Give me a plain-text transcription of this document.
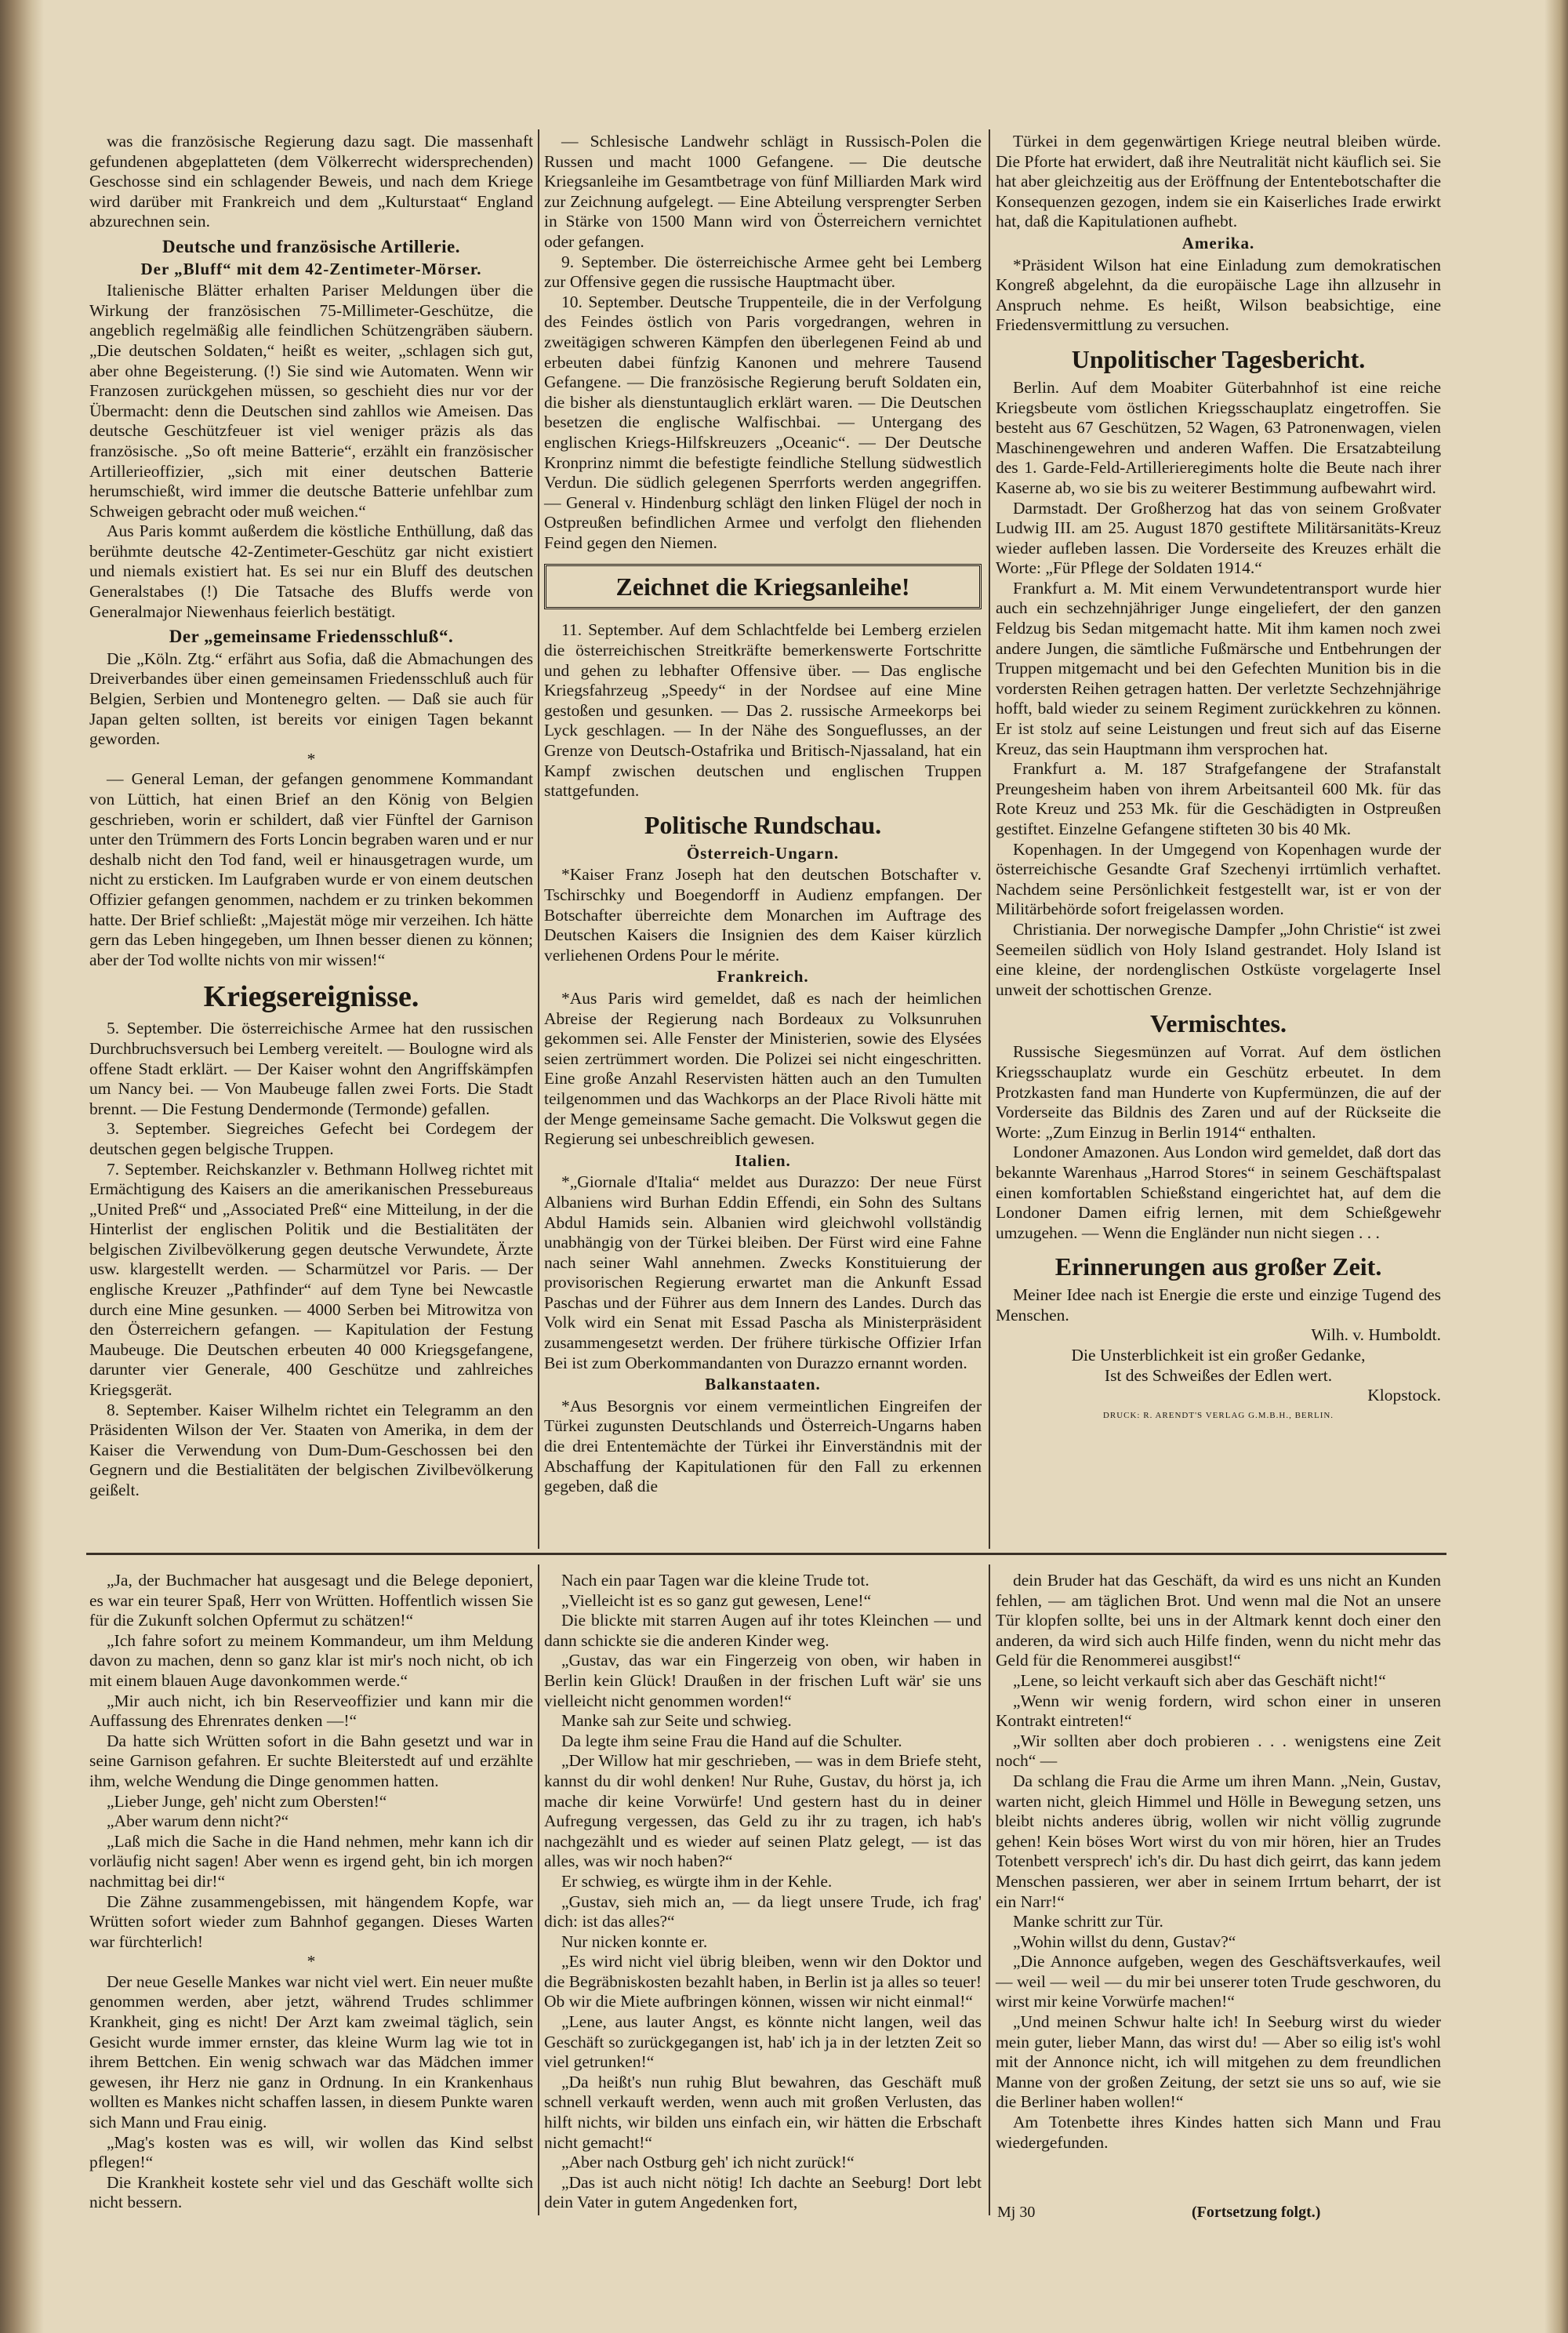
was die französische Regierung dazu sagt. Die massenhaft gefundenen abgeplatteten (dem Völkerrecht widersprechenden) Geschosse sind ein schlagender Beweis, und nach dem Kriege wird darüber mit Frankreich und dem „Kulturstaat“ England abzurechnen sein.

Deutsche und französische Artillerie.

Der „Bluff“ mit dem 42-Zentimeter-Mörser.

Italienische Blätter erhalten Pariser Meldungen über die Wirkung der französischen 75-Millimeter-Geschütze, die angeblich regelmäßig alle feindlichen Schützengräben säubern. „Die deutschen Soldaten,“ heißt es weiter, „schlagen sich gut, aber ohne Begeisterung. (!) Sie sind wie Automaten. Wenn wir Franzosen zurückgehen müssen, so geschieht dies nur vor der Übermacht: denn die Deutschen sind zahllos wie Ameisen. Das deutsche Geschützfeuer ist viel weniger präzis als das französische. „So oft meine Batterie“, erzählt ein französischer Artillerieoffizier, „sich mit einer deutschen Batterie herumschießt, wird immer die deutsche Batterie unfehlbar zum Schweigen gebracht oder muß weichen.“

Aus Paris kommt außerdem die köstliche Enthüllung, daß das berühmte deutsche 42-Zentimeter-Geschütz gar nicht existiert und niemals existiert hat. Es sei nur ein Bluff des deutschen Generalstabes (!) Die Tatsache des Bluffs werde von Generalmajor Niewenhaus feierlich bestätigt.

Der „gemeinsame Friedensschluß“.

Die „Köln. Ztg.“ erfährt aus Sofia, daß die Abmachungen des Dreiverbandes über einen gemeinsamen Friedensschluß auch für Belgien, Serbien und Montenegro gelten. — Daß sie auch für Japan gelten sollten, ist bereits vor einigen Tagen bekannt geworden.

*

— General Leman, der gefangen genommene Kommandant von Lüttich, hat einen Brief an den König von Belgien geschrieben, worin er schildert, daß vier Fünftel der Garnison unter den Trümmern des Forts Loncin begraben waren und er nur deshalb nicht den Tod fand, weil er hinausgetragen wurde, um nicht zu ersticken. Im Laufgraben wurde er von einem deutschen Offizier gefangen genommen, nachdem er zu trinken bekommen hatte. Der Brief schließt: „Majestät möge mir verzeihen. Ich hätte gern das Leben hingegeben, um Ihnen besser dienen zu können; aber der Tod wollte nichts von mir wissen!“

Kriegsereignisse.

5. September. Die österreichische Armee hat den russischen Durchbruchsversuch bei Lemberg vereitelt. — Boulogne wird als offene Stadt erklärt. — Der Kaiser wohnt den Angriffskämpfen um Nancy bei. — Von Maubeuge fallen zwei Forts. Die Stadt brennt. — Die Festung Dendermonde (Termonde) gefallen.

3. September. Siegreiches Gefecht bei Cordegem der deutschen gegen belgische Truppen.

7. September. Reichskanzler v. Bethmann Hollweg richtet mit Ermächtigung des Kaisers an die amerikanischen Pressebureaus „United Preß“ und „Associated Preß“ eine Mitteilung, in der die Hinterlist der englischen Politik und die Bestialitäten der belgischen Zivilbevölkerung gegen deutsche Verwundete, Ärzte usw. klargestellt werden. — Scharmützel vor Paris. — Der englische Kreuzer „Pathfinder“ auf dem Tyne bei Newcastle durch eine Mine gesunken. — 4000 Serben bei Mitrowitza von den Österreichern gefangen. — Kapitulation der Festung Maubeuge. Die Deutschen erbeuten 40 000 Kriegsgefangene, darunter vier Generale, 400 Geschütze und zahlreiches Kriegsgerät.

8. September. Kaiser Wilhelm richtet ein Telegramm an den Präsidenten Wilson der Ver. Staaten von Amerika, in dem der Kaiser die Verwendung von Dum-Dum-Geschossen bei den Gegnern und die Bestialitäten der belgischen Zivilbevölkerung geißelt.

— Schlesische Landwehr schlägt in Russisch-Polen die Russen und macht 1000 Gefangene. — Die deutsche Kriegsanleihe im Gesamtbetrage von fünf Milliarden Mark wird zur Zeichnung aufgelegt. — Eine Abteilung versprengter Serben in Stärke von 1500 Mann wird von Österreichern vernichtet oder gefangen.

9. September. Die österreichische Armee geht bei Lemberg zur Offensive gegen die russische Hauptmacht über.

10. September. Deutsche Truppenteile, die in der Verfolgung des Feindes östlich von Paris vorgedrangen, wehren in zweitägigen schweren Kämpfen den überlegenen Feind ab und erbeuten dabei fünfzig Kanonen und mehrere Tausend Gefangene. — Die französische Regierung beruft Soldaten ein, die bisher als dienstuntauglich erklärt waren. — Die Deutschen besetzen die englische Walfischbai. — Untergang des englischen Kriegs-Hilfskreuzers „Oceanic“. — Der Deutsche Kronprinz nimmt die befestigte feindliche Stellung südwestlich Verdun. Die südlich gelegenen Sperrforts werden angegriffen. — General v. Hindenburg schlägt den linken Flügel der noch in Ostpreußen befindlichen Armee und verfolgt den fliehenden Feind gegen den Niemen.

Zeichnet die Kriegsanleihe!

11. September. Auf dem Schlachtfelde bei Lemberg erzielen die österreichischen Streitkräfte bemerkenswerte Fortschritte und gehen zu lebhafter Offensive über. — Das englische Kriegsfahrzeug „Speedy“ in der Nordsee auf eine Mine gestoßen und gesunken. — Das 2. russische Armeekorps bei Lyck geschlagen. — In der Nähe des Songueflusses, an der Grenze von Deutsch-Ostafrika und Britisch-Njassaland, hat ein Kampf zwischen deutschen und englischen Truppen stattgefunden.

Politische Rundschau.

Österreich-Ungarn.

*Kaiser Franz Joseph hat den deutschen Botschafter v. Tschirschky und Boegendorff in Audienz empfangen. Der Botschafter überreichte dem Monarchen im Auftrage des Deutschen Kaisers die Insignien des dem Kaiser kürzlich verliehenen Ordens Pour le mérite.

Frankreich.

*Aus Paris wird gemeldet, daß es nach der heimlichen Abreise der Regierung nach Bordeaux zu Volksunruhen gekommen sei. Alle Fenster der Ministerien, sowie des Elysées seien zertrümmert worden. Die Polizei sei nicht eingeschritten. Eine große Anzahl Reservisten hätten auch an den Tumulten teilgenommen und das Wachkorps an der Place Rivoli hätte mit der Menge gemeinsame Sache gemacht. Die Volkswut gegen die Regierung sei unbeschreiblich gewesen.

Italien.

*„Giornale d'Italia“ meldet aus Durazzo: Der neue Fürst Albaniens wird Burhan Eddin Effendi, ein Sohn des Sultans Abdul Hamids sein. Albanien wird gleichwohl vollständig unabhängig von der Türkei bleiben. Der Fürst wird eine Fahne nach seiner Wahl annehmen. Zwecks Konstituierung der provisorischen Regierung erwartet man die Ankunft Essad Paschas und der Führer aus dem Innern des Landes. Durch das Volk wird ein Senat mit Essad Pascha als Ministerpräsident zusammengesetzt werden. Der frühere türkische Offizier Irfan Bei ist zum Oberkommandanten von Durazzo ernannt worden.

Balkanstaaten.

*Aus Besorgnis vor einem vermeintlichen Eingreifen der Türkei zugunsten Deutschlands und Österreich-Ungarns haben die drei Ententemächte der Türkei ihr Einverständnis mit der Abschaffung der Kapitulationen für den Fall zu erkennen gegeben, daß die

Türkei in dem gegenwärtigen Kriege neutral bleiben würde. Die Pforte hat erwidert, daß ihre Neutralität nicht käuflich sei. Sie hat aber gleichzeitig aus der Eröffnung der Ententebotschafter die Konsequenzen gezogen, indem sie ein Kaiserliches Irade erwirkt hat, daß die Kapitulationen aufhebt.

Amerika.

*Präsident Wilson hat eine Einladung zum demokratischen Kongreß abgelehnt, da die europäische Lage ihn allzusehr in Anspruch nehme. Es heißt, Wilson beabsichtige, eine Friedensvermittlung zu versuchen.

Unpolitischer Tagesbericht.

Berlin. Auf dem Moabiter Güterbahnhof ist eine reiche Kriegsbeute vom östlichen Kriegsschauplatz eingetroffen. Sie besteht aus 67 Geschützen, 52 Wagen, 63 Patronenwagen, vielen Maschinengewehren und anderen Waffen. Die Ersatzabteilung des 1. Garde-Feld-Artillerieregiments holte die Beute nach ihrer Kaserne ab, wo sie bis zu weiterer Bestimmung aufbewahrt wird.

Darmstadt. Der Großherzog hat das von seinem Großvater Ludwig III. am 25. August 1870 gestiftete Militärsanitäts-Kreuz wieder aufleben lassen. Die Vorderseite des Kreuzes erhält die Worte: „Für Pflege der Soldaten 1914.“

Frankfurt a. M. Mit einem Verwundetentransport wurde hier auch ein sechzehnjähriger Junge eingeliefert, der den ganzen Feldzug bis Sedan mitgemacht hatte. Mit ihm kamen noch zwei andere Jungen, die sämtliche Fußmärsche und Entbehrungen der Truppen mitgemacht und bei den Gefechten Munition bis in die vordersten Reihen getragen hatten. Der verletzte Sechzehnjährige hofft, bald wieder zu seinem Regiment zurückkehren zu können. Er ist stolz auf seine Leistungen und freut sich auf das Eiserne Kreuz, das sein Hauptmann ihm versprochen hat.

Frankfurt a. M. 187 Strafgefangene der Strafanstalt Preungesheim haben von ihrem Arbeitsanteil 600 Mk. für das Rote Kreuz und 253 Mk. für die Geschädigten in Ostpreußen gestiftet. Einzelne Gefangene stifteten 30 bis 40 Mk.

Kopenhagen. In der Umgegend von Kopenhagen wurde der österreichische Gesandte Graf Szechenyi irrtümlich verhaftet. Nachdem seine Persönlichkeit festgestellt war, ist er von der Militärbehörde sofort freigelassen worden.

Christiania. Der norwegische Dampfer „John Christie“ ist zwei Seemeilen südlich von Holy Island gestrandet. Holy Island ist eine kleine, der nordenglischen Ostküste vorgelagerte Insel unweit der schottischen Grenze.

Vermischtes.

Russische Siegesmünzen auf Vorrat. Auf dem östlichen Kriegsschauplatz wurde ein Geschütz erbeutet. In dem Protzkasten fand man Hunderte von Kupfermünzen, die auf der Vorderseite das Bildnis des Zaren und auf der Rückseite die Worte: „Zum Einzug in Berlin 1914“ enthalten.

Londoner Amazonen. Aus London wird gemeldet, daß dort das bekannte Warenhaus „Harrod Stores“ in seinem Geschäftspalast einen komfortablen Schießstand eingerichtet hat, auf dem die Londoner Damen eifrig lernen, mit dem Schießgewehr umzugehen. — Wenn die Engländer nun nicht siegen . . .

Erinnerungen aus großer Zeit.

Meiner Idee nach ist Energie die erste und einzige Tugend des Menschen.

Wilh. v. Humboldt.

Die Unsterblichkeit ist ein großer Gedanke,

Ist des Schweißes der Edlen wert.

Klopstock.

DRUCK: R. ARENDT'S VERLAG G.M.B.H., BERLIN.

„Ja, der Buchmacher hat ausgesagt und die Belege deponiert, es war ein teurer Spaß, Herr von Wrütten. Hoffentlich wissen Sie für die Zukunft solchen Opfermut zu schätzen!“

„Ich fahre sofort zu meinem Kommandeur, um ihm Meldung davon zu machen, denn so ganz klar ist mir's noch nicht, ob ich mit einem blauen Auge davonkommen werde.“

„Mir auch nicht, ich bin Reserveoffizier und kann mir die Auffassung des Ehrenrates denken —!“

Da hatte sich Wrütten sofort in die Bahn gesetzt und war in seine Garnison gefahren. Er suchte Bleiterstedt auf und erzählte ihm, welche Wendung die Dinge genommen hatten.

„Lieber Junge, geh' nicht zum Obersten!“

„Aber warum denn nicht?“

„Laß mich die Sache in die Hand nehmen, mehr kann ich dir vorläufig nicht sagen! Aber wenn es irgend geht, bin ich morgen nachmittag bei dir!“

Die Zähne zusammengebissen, mit hängendem Kopfe, war Wrütten sofort wieder zum Bahnhof gegangen. Dieses Warten war fürchterlich!

*

Der neue Geselle Mankes war nicht viel wert. Ein neuer mußte genommen werden, aber jetzt, während Trudes schlimmer Krankheit, ging es nicht! Der Arzt kam zweimal täglich, sein Gesicht wurde immer ernster, das kleine Wurm lag wie tot in ihrem Bettchen. Ein wenig schwach war das Mädchen immer gewesen, ihr Herz nie ganz in Ordnung. In ein Krankenhaus wollten es Mankes nicht schaffen lassen, in diesem Punkte waren sich Mann und Frau einig.

„Mag's kosten was es will, wir wollen das Kind selbst pflegen!“

Die Krankheit kostete sehr viel und das Geschäft wollte sich nicht bessern.

Nach ein paar Tagen war die kleine Trude tot.

„Vielleicht ist es so ganz gut gewesen, Lene!“

Die blickte mit starren Augen auf ihr totes Kleinchen — und dann schickte sie die anderen Kinder weg.

„Gustav, das war ein Fingerzeig von oben, wir haben in Berlin kein Glück! Draußen in der frischen Luft wär' sie uns vielleicht nicht genommen worden!“

Manke sah zur Seite und schwieg.

Da legte ihm seine Frau die Hand auf die Schulter.

„Der Willow hat mir geschrieben, — was in dem Briefe steht, kannst du dir wohl denken! Nur Ruhe, Gustav, du hörst ja, ich mache dir keine Vorwürfe! Und gestern hast du in deiner Aufregung vergessen, das Geld zu ihr zu tragen, ich hab's nachgezählt und es wieder auf seinen Platz gelegt, — ist das alles, was wir noch haben?“

Er schwieg, es würgte ihm in der Kehle.

„Gustav, sieh mich an, — da liegt unsere Trude, ich frag' dich: ist das alles?“

Nur nicken konnte er.

„Es wird nicht viel übrig bleiben, wenn wir den Doktor und die Begräbniskosten bezahlt haben, in Berlin ist ja alles so teuer! Ob wir die Miete aufbringen können, wissen wir nicht einmal!“

„Lene, aus lauter Angst, es könnte nicht langen, weil das Geschäft so zurückgegangen ist, hab' ich ja in der letzten Zeit so viel getrunken!“

„Da heißt's nun ruhig Blut bewahren, das Geschäft muß schnell verkauft werden, wenn auch mit großen Verlusten, das hilft nichts, wir bilden uns einfach ein, wir hätten die Erbschaft nicht gemacht!“

„Aber nach Ostburg geh' ich nicht zurück!“

„Das ist auch nicht nötig! Ich dachte an Seeburg! Dort lebt dein Vater in gutem Angedenken fort,

dein Bruder hat das Geschäft, da wird es uns nicht an Kunden fehlen, — am täglichen Brot. Und wenn mal die Not an unsere Tür klopfen sollte, bei uns in der Altmark kennt doch einer den anderen, da wird sich auch Hilfe finden, wenn du nicht mehr das Geld für die Renommerei ausgibst!“

„Lene, so leicht verkauft sich aber das Geschäft nicht!“

„Wenn wir wenig fordern, wird schon einer in unseren Kontrakt eintreten!“

„Wir sollten aber doch probieren . . . wenigstens eine Zeit noch“ —

Da schlang die Frau die Arme um ihren Mann. „Nein, Gustav, warten nicht, gleich Himmel und Hölle in Bewegung setzen, uns bleibt nichts anderes übrig, wollen wir nicht völlig zugrunde gehen! Kein böses Wort wirst du von mir hören, hier an Trudes Totenbett versprech' ich's dir. Du hast dich geirrt, das kann jedem Menschen passieren, wer aber in seinem Irrtum beharrt, der ist ein Narr!“

Manke schritt zur Tür.

„Wohin willst du denn, Gustav?“

„Die Annonce aufgeben, wegen des Geschäftsverkaufes, weil — weil — weil — du mir bei unserer toten Trude geschworen, du wirst mir keine Vorwürfe machen!“

„Und meinen Schwur halte ich! In Seeburg wirst du wieder mein guter, lieber Mann, das wirst du! — Aber so eilig ist's wohl mit der Annonce nicht, ich will mitgehen zu dem freundlichen Manne von der großen Zeitung, der setzt sie uns so auf, wie sie die Berliner haben wollen!“

Am Totenbette ihres Kindes hatten sich Mann und Frau wiedergefunden.

Mj 30	(Fortsetzung folgt.)
